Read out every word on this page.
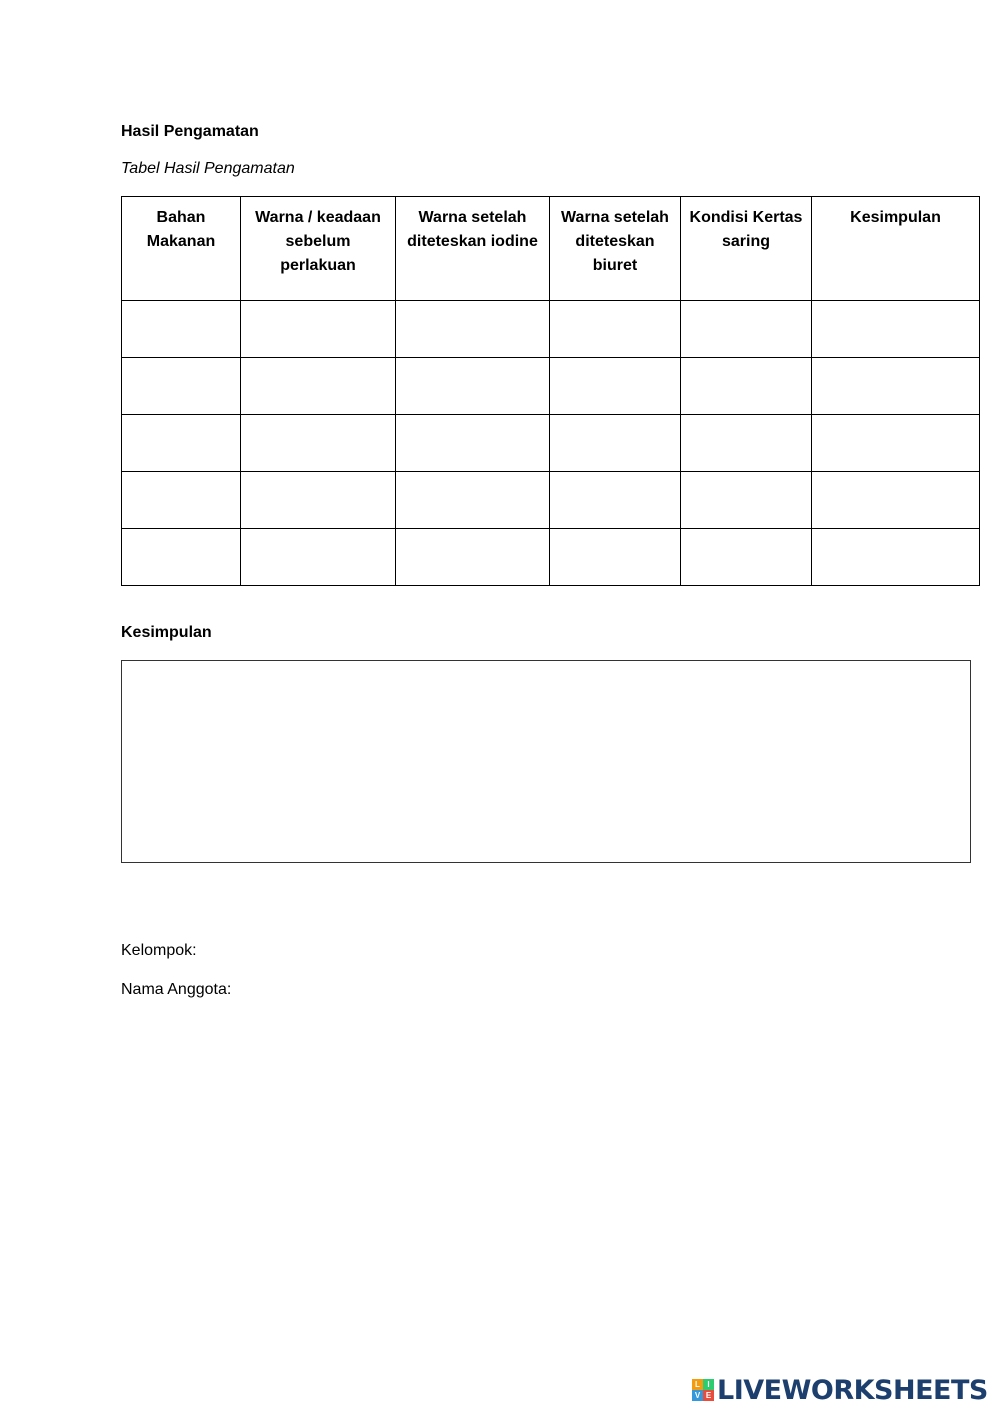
Hasil Pengamatan

Tabel Hasil Pengamatan

Bahan Makanan	Warna / keadaan sebelum perlakuan	Warna setelah diteteskan iodine	Warna setelah diteteskan biuret	Kondisi Kertas saring	Kesimpulan

Kesimpulan

Kelompok:

Nama Anggota:

L I
V E LIVEWORKSHEETS
